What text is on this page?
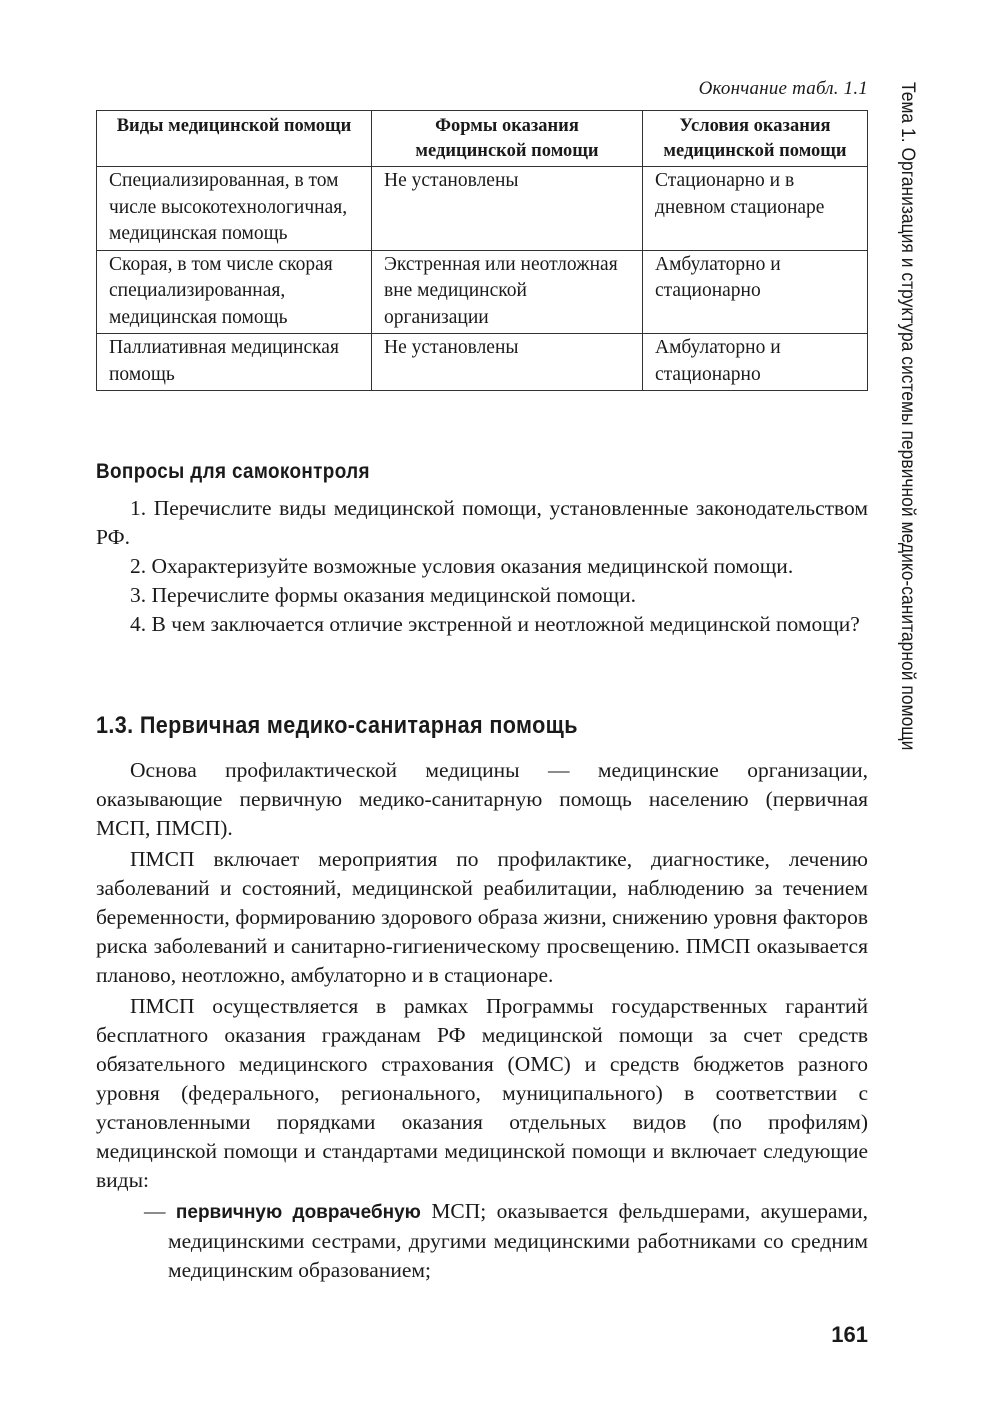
Окончание табл. 1.1
Виды медицинской помощи	Формы оказания медицинской помощи	Условия оказания медицинской помощи
Специализированная, в том числе высокотехнологичная, медицинская помощь	Не установлены	Стационарно и в дневном стационаре
Скорая, в том числе скорая специализированная, медицинская помощь	Экстренная или неотложная вне медицинской организации	Амбулаторно и стационарно
Паллиативная медицинская помощь	Не установлены	Амбулаторно и стационарно
Вопросы для самоконтроля

1. Перечислите виды медицинской помощи, установленные законодательством РФ.

2. Охарактеризуйте возможные условия оказания медицинской помощи.

3. Перечислите формы оказания медицинской помощи.

4. В чем заключается отличие экстренной и неотложной медицинской помощи?

1.3. Первичная медико-санитарная помощь

Основа профилактической медицины — медицинские организации, оказывающие первичную медико-санитарную помощь населению (первичная МСП, ПМСП).

ПМСП включает мероприятия по профилактике, диагностике, лечению заболеваний и состояний, медицинской реабилитации, наблюдению за течением беременности, формированию здорового образа жизни, снижению уровня факторов риска заболеваний и санитарно-гигиеническому просвещению. ПМСП оказывается планово, неотложно, амбулаторно и в стационаре.

ПМСП осуществляется в рамках Программы государственных гарантий бесплатного оказания гражданам РФ медицинской помощи за счет средств обязательного медицинского страхования (ОМС) и средств бюджетов разного уровня (федерального, регионального, муниципального) в соответствии с установленными порядками оказания отдельных видов (по профилям) медицинской помощи и стандартами медицинской помощи и включает следующие виды:

— первичную доврачебную МСП; оказывается фельдшерами, акушерами, медицинскими сестрами, другими медицинскими работниками со средним медицинским образованием;
161
Тема 1. Организация и структура системы первичной медико-санитарной помощи
